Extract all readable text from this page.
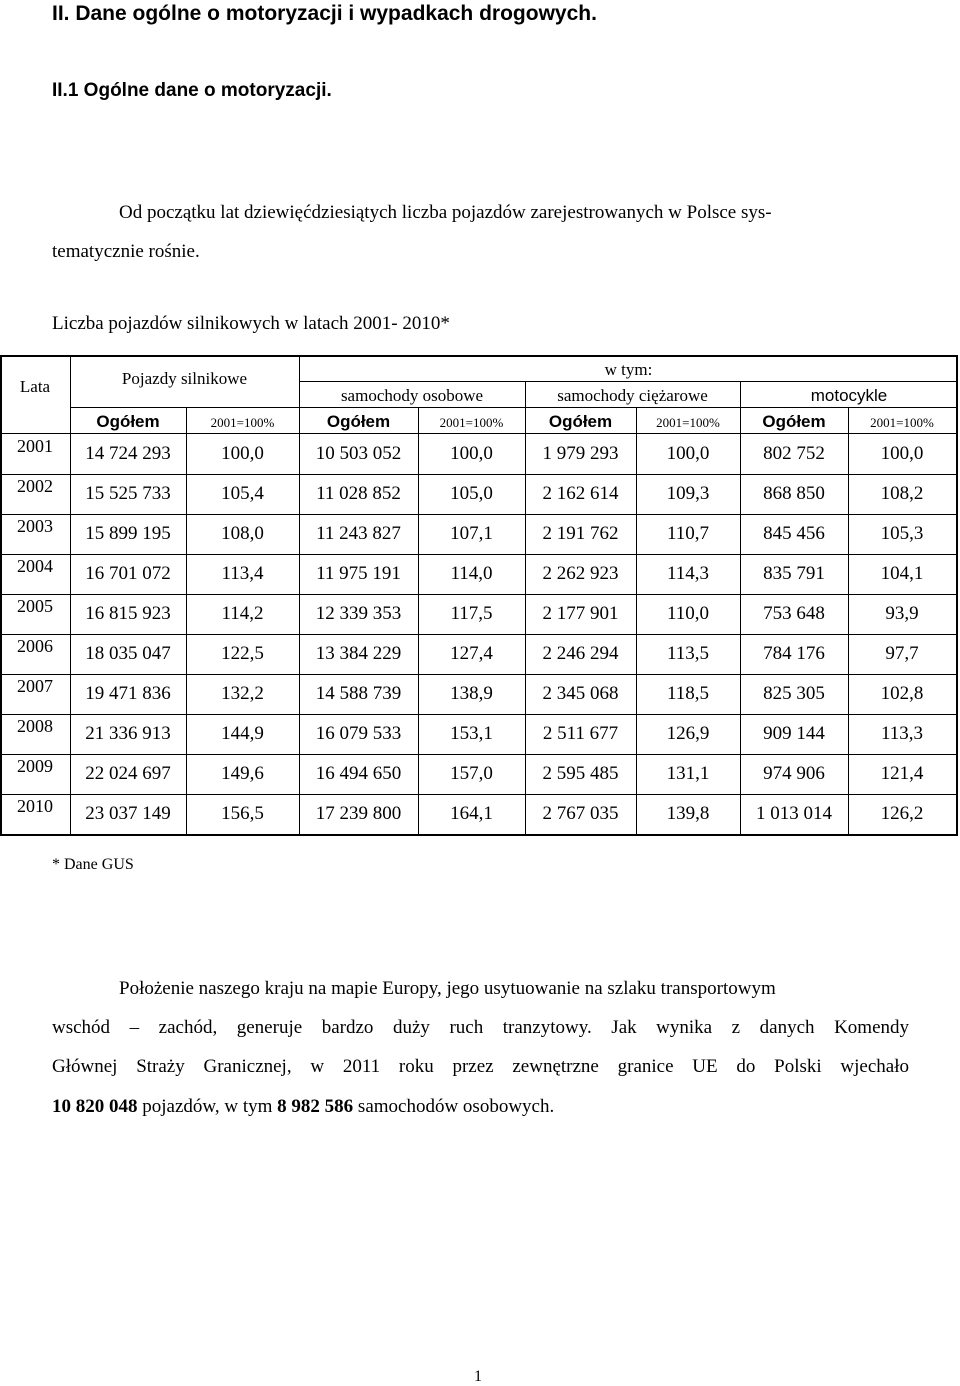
II. Dane ogólne o motoryzacji i wypadkach drogowych.
II.1 Ogólne dane o motoryzacji.
Od początku lat dziewięćdziesiątych liczba pojazdów zarejestrowanych w Polsce sys-
tematycznie rośnie.
Liczba pojazdów silnikowych w latach 2001- 2010*
Lata	Pojazdy silnikowe	w tym:
samochody osobowe	samochody ciężarowe	motocykle
Ogółem	2001=100%	Ogółem	2001=100%	Ogółem	2001=100%	Ogółem	2001=100%
2001	14 724 293	100,0	10 503 052	100,0	1 979 293	100,0	802 752	100,0
2002	15 525 733	105,4	11 028 852	105,0	2 162 614	109,3	868 850	108,2
2003	15 899 195	108,0	11 243 827	107,1	2 191 762	110,7	845 456	105,3
2004	16 701 072	113,4	11 975 191	114,0	2 262 923	114,3	835 791	104,1
2005	16 815 923	114,2	12 339 353	117,5	2 177 901	110,0	753 648	93,9
2006	18 035 047	122,5	13 384 229	127,4	2 246 294	113,5	784 176	97,7
2007	19 471 836	132,2	14 588 739	138,9	2 345 068	118,5	825 305	102,8
2008	21 336 913	144,9	16 079 533	153,1	2 511 677	126,9	909 144	113,3
2009	22 024 697	149,6	16 494 650	157,0	2 595 485	131,1	974 906	121,4
2010	23 037 149	156,5	17 239 800	164,1	2 767 035	139,8	1 013 014	126,2
* Dane GUS
Położenie naszego kraju na mapie Europy, jego usytuowanie na szlaku transportowym
wschód – zachód, generuje bardzo duży ruch tranzytowy. Jak wynika z danych Komendy
Głównej Straży Granicznej, w 2011 roku przez zewnętrzne granice UE do Polski wjechało
10 820 048 pojazdów, w tym 8 982 586 samochodów osobowych.
1
